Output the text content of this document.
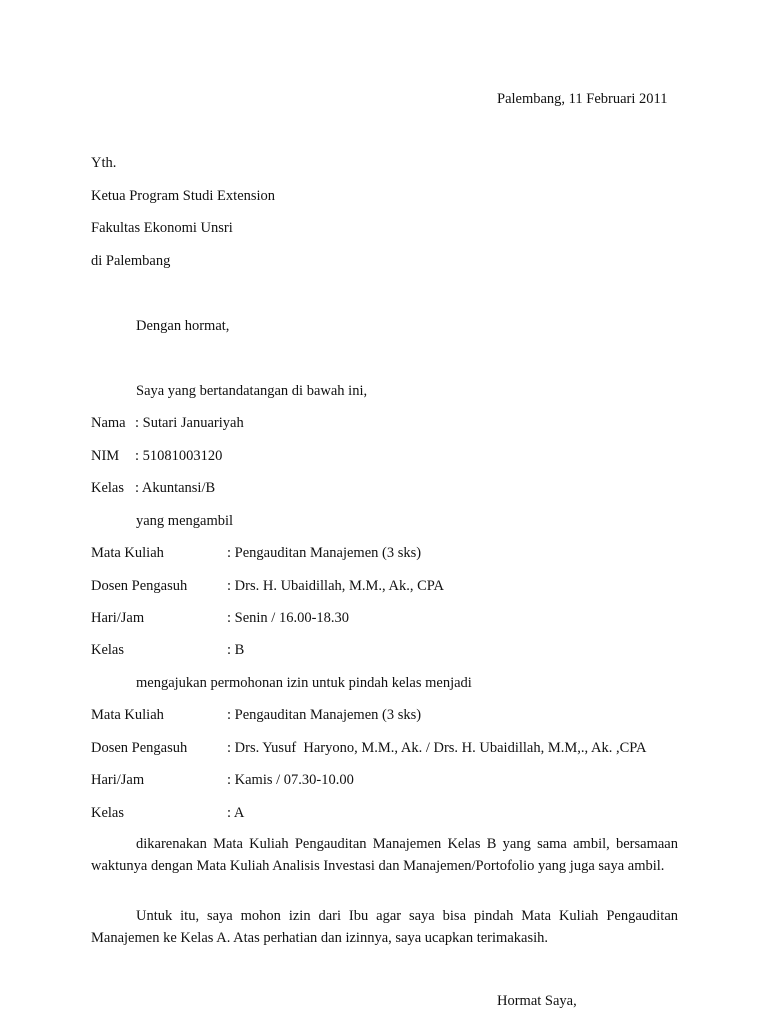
Palembang, 11 Februari 2011
Yth.
Ketua Program Studi Extension
Fakultas Ekonomi Unsri
di Palembang
Dengan hormat,
Saya yang bertandatangan di bawah ini,
Nama : Sutari Januariyah
NIM : 51081003120
Kelas : Akuntansi/B
yang mengambil
Mata Kuliah	: Pengauditan Manajemen (3 sks)
Dosen Pengasuh	: Drs. H. Ubaidillah, M.M., Ak., CPA
Hari/Jam	: Senin / 16.00-18.30
Kelas	: B
mengajukan permohonan izin untuk pindah kelas menjadi
Mata Kuliah	: Pengauditan Manajemen (3 sks)
Dosen Pengasuh	: Drs. Yusuf  Haryono, M.M., Ak. / Drs. H. Ubaidillah, M.M,., Ak. ,CPA
Hari/Jam	: Kamis / 07.30-10.00
Kelas	: A
dikarenakan Mata Kuliah Pengauditan Manajemen Kelas B yang sama ambil, bersamaan waktunya dengan Mata Kuliah Analisis Investasi dan Manajemen/Portofolio yang juga saya ambil.
Untuk itu, saya mohon izin dari Ibu agar saya bisa pindah Mata Kuliah Pengauditan Manajemen ke Kelas A. Atas perhatian dan izinnya, saya ucapkan terimakasih.
Hormat Saya,
